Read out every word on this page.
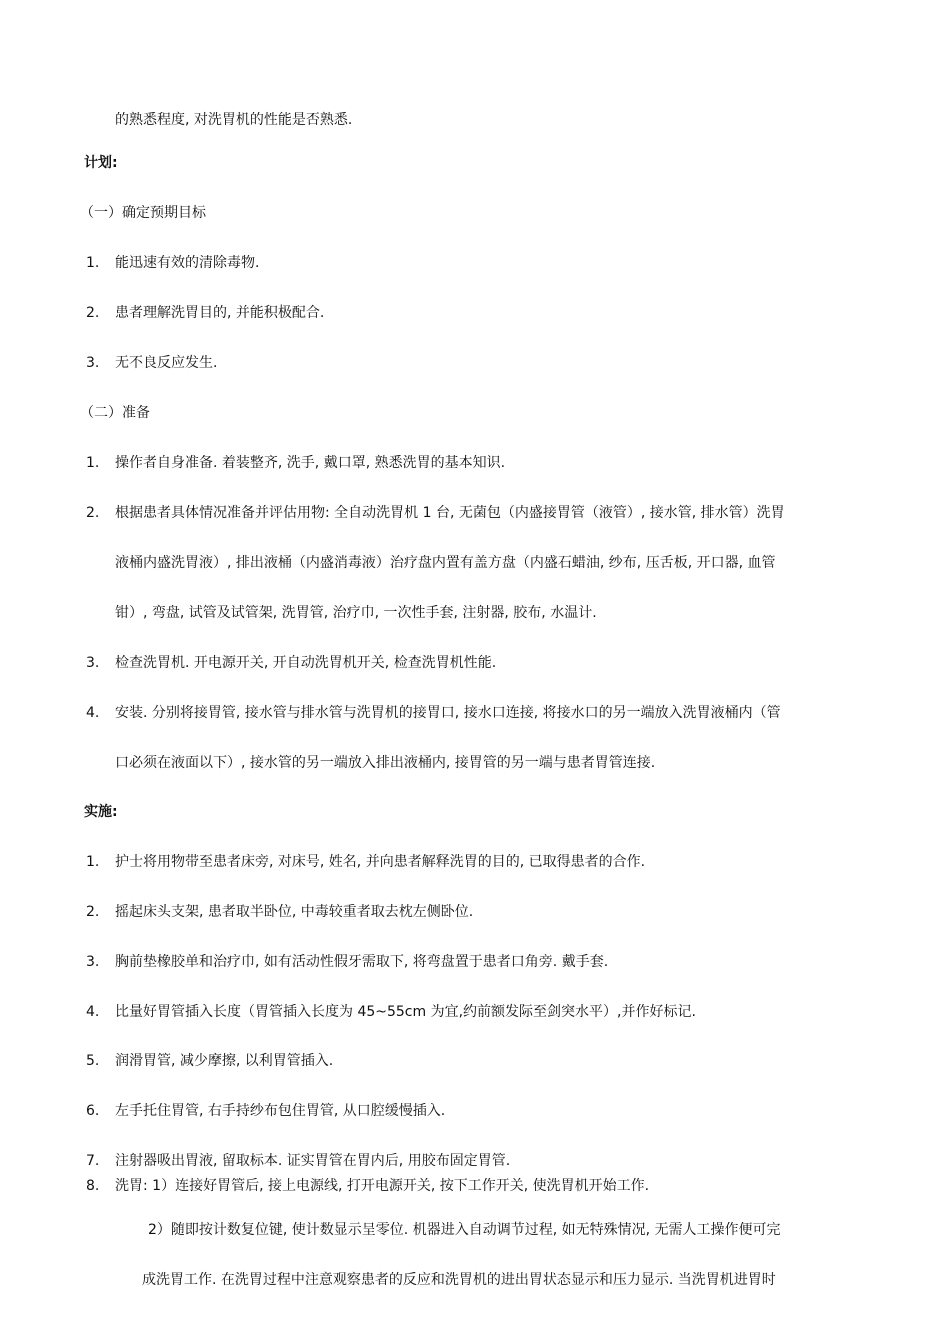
的熟悉程度, 对洗胃机的性能是否熟悉.
计划:
（一）确定预期目标
1. 能迅速有效的清除毒物.
2. 患者理解洗胃目的, 并能积极配合.
3. 无不良反应发生.
（二）准备
1. 操作者自身准备. 着装整齐, 洗手, 戴口罩, 熟悉洗胃的基本知识.
2. 根据患者具体情况准备并评估用物: 全自动洗胃机 1 台, 无菌包（内盛接胃管（液管）, 接水管, 排水管）洗胃
液桶内盛洗胃液）, 排出液桶（内盛消毒液）治疗盘内置有盖方盘（内盛石蜡油, 纱布, 压舌板, 开口器, 血管
钳）, 弯盘, 试管及试管架, 洗胃管, 治疗巾, 一次性手套, 注射器, 胶布, 水温计.
3. 检查洗胃机. 开电源开关, 开自动洗胃机开关, 检查洗胃机性能.
4. 安装. 分别将接胃管, 接水管与排水管与洗胃机的接胃口, 接水口连接, 将接水口的另一端放入洗胃液桶内（管
口必须在液面以下）, 接水管的另一端放入排出液桶内, 接胃管的另一端与患者胃管连接.
实施:
1. 护士将用物带至患者床旁, 对床号, 姓名, 并向患者解释洗胃的目的, 已取得患者的合作.
2. 摇起床头支架, 患者取半卧位, 中毒较重者取去枕左侧卧位.
3. 胸前垫橡胶单和治疗巾, 如有活动性假牙需取下, 将弯盘置于患者口角旁. 戴手套.
4. 比量好胃管插入长度（胃管插入长度为 45~55cm 为宜,约前额发际至剑突水平）,并作好标记.
5. 润滑胃管, 减少摩擦, 以利胃管插入.
6. 左手托住胃管, 右手持纱布包住胃管, 从口腔缓慢插入.
7. 注射器吸出胃液, 留取标本. 证实胃管在胃内后, 用胶布固定胃管.
8. 洗胃: 1）连接好胃管后, 接上电源线, 打开电源开关, 按下工作开关, 使洗胃机开始工作.
2）随即按计数复位键, 使计数显示呈零位. 机器进入自动调节过程, 如无特殊情况, 无需人工操作便可完
成洗胃工作. 在洗胃过程中注意观察患者的反应和洗胃机的进出胃状态显示和压力显示. 当洗胃机进胃时
